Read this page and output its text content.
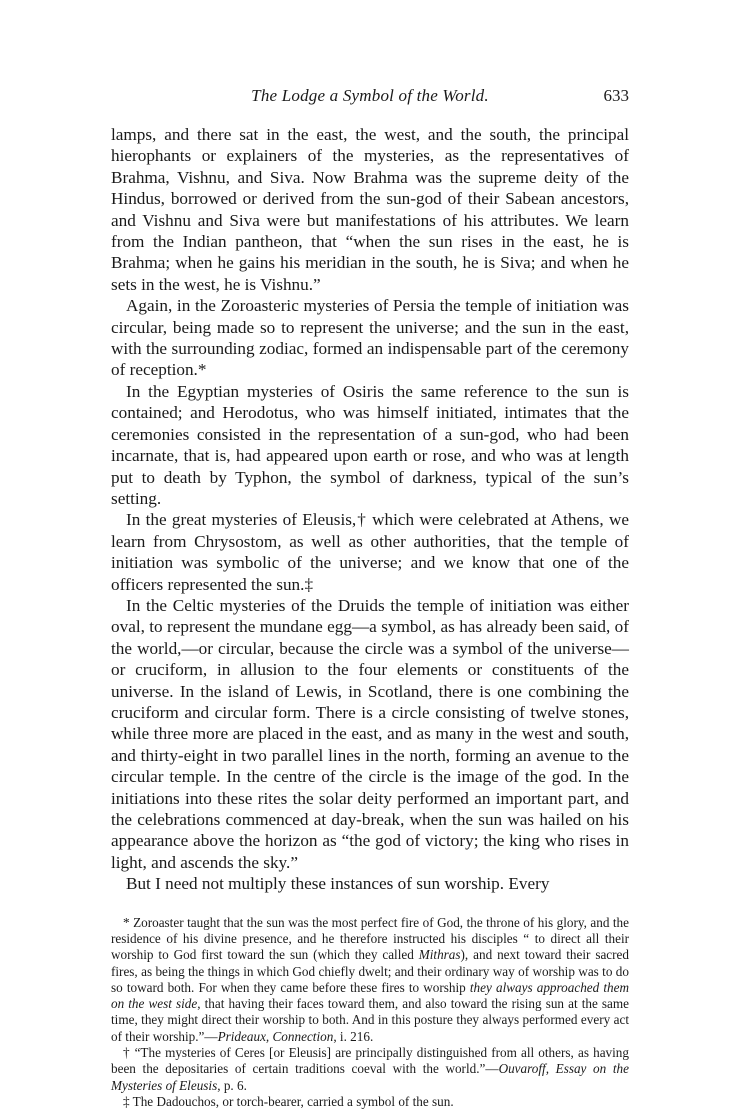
The Lodge a Symbol of the World.	633

lamps, and there sat in the east, the west, and the south, the principal hierophants or explainers of the mysteries, as the representatives of Brahma, Vishnu, and Siva. Now Brahma was the supreme deity of the Hindus, borrowed or derived from the sun-god of their Sabean ancestors, and Vishnu and Siva were but manifestations of his attributes. We learn from the Indian pantheon, that “when the sun rises in the east, he is Brahma; when he gains his meridian in the south, he is Siva; and when he sets in the west, he is Vishnu.”

Again, in the Zoroasteric mysteries of Persia the temple of initiation was circular, being made so to represent the universe; and the sun in the east, with the surrounding zodiac, formed an indispensable part of the ceremony of reception.*

In the Egyptian mysteries of Osiris the same reference to the sun is contained; and Herodotus, who was himself initiated, intimates that the ceremonies consisted in the representation of a sun-god, who had been incarnate, that is, had appeared upon earth or rose, and who was at length put to death by Typhon, the symbol of darkness, typical of the sun’s setting.

In the great mysteries of Eleusis,† which were celebrated at Athens, we learn from Chrysostom, as well as other authorities, that the temple of initiation was symbolic of the universe; and we know that one of the officers represented the sun.‡

In the Celtic mysteries of the Druids the temple of initiation was either oval, to represent the mundane egg—a symbol, as has already been said, of the world,—or circular, because the circle was a symbol of the universe—or cruciform, in allusion to the four elements or constituents of the universe. In the island of Lewis, in Scotland, there is one combining the cruciform and circular form. There is a circle consisting of twelve stones, while three more are placed in the east, and as many in the west and south, and thirty-eight in two parallel lines in the north, forming an avenue to the circular temple. In the centre of the circle is the image of the god. In the initiations into these rites the solar deity performed an important part, and the celebrations commenced at day-break, when the sun was hailed on his appearance above the horizon as “the god of victory; the king who rises in light, and ascends the sky.”

But I need not multiply these instances of sun worship. Every

* Zoroaster taught that the sun was the most perfect fire of God, the throne of his glory, and the residence of his divine presence, and he therefore instructed his disciples “ to direct all their worship to God first toward the sun (which they called Mithras), and next toward their sacred fires, as being the things in which God chiefly dwelt; and their ordinary way of worship was to do so toward both. For when they came before these fires to worship they always approached them on the west side, that having their faces toward them, and also toward the rising sun at the same time, they might direct their worship to both. And in this posture they always performed every act of their worship.”—Prideaux, Connection, i. 216.

† “The mysteries of Ceres [or Eleusis] are principally distinguished from all others, as having been the depositaries of certain traditions coeval with the world.”—Ouvaroff, Essay on the Mysteries of Eleusis, p. 6.

‡ The Dadouchos, or torch-bearer, carried a symbol of the sun.
